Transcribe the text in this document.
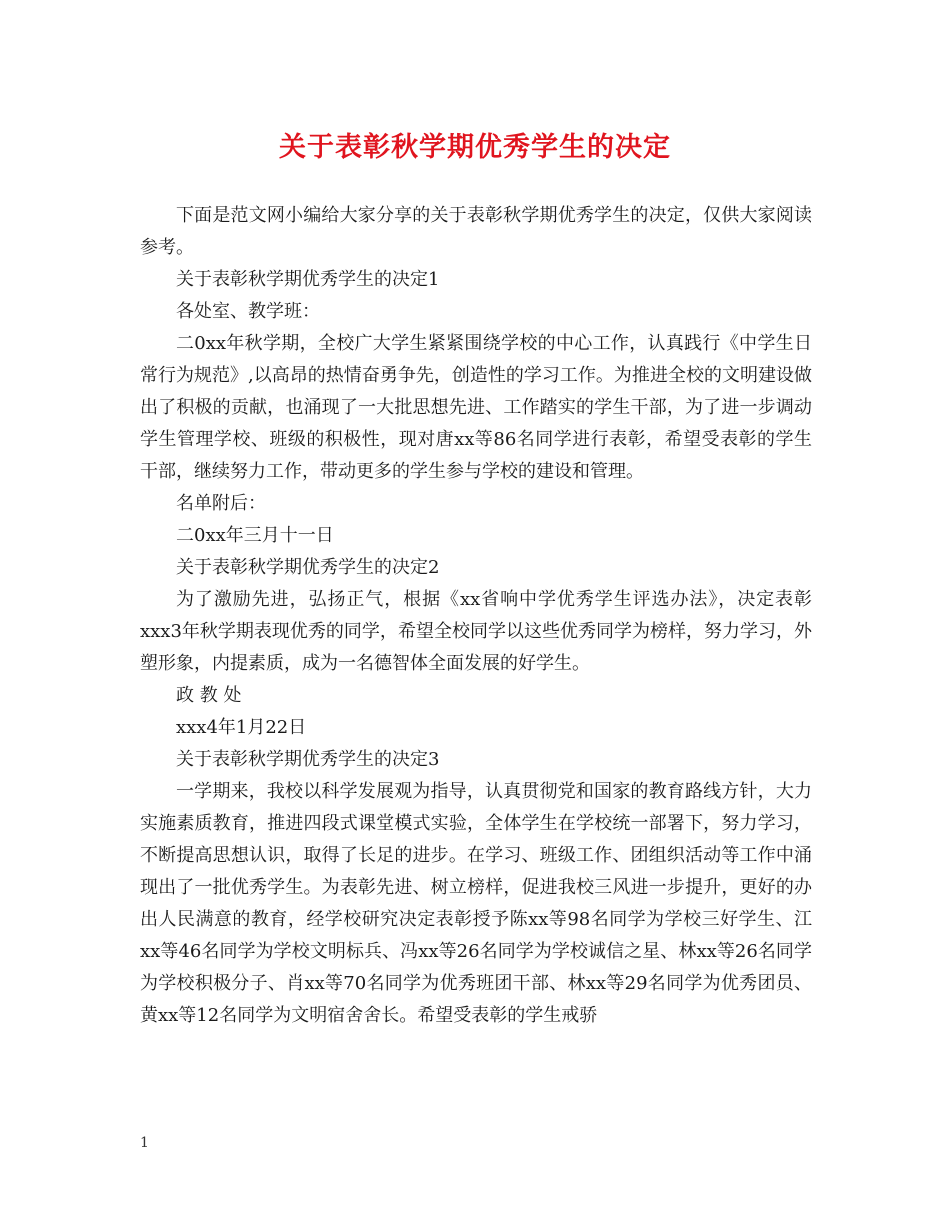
关于表彰秋学期优秀学生的决定

下面是范文网小编给大家分享的关于表彰秋学期优秀学生的决定，仅供大家阅读参考。

关于表彰秋学期优秀学生的决定1

各处室、教学班：

二0xx年秋学期，全校广大学生紧紧围绕学校的中心工作，认真践行《中学生日常行为规范》,以高昂的热情奋勇争先，创造性的学习工作。为推进全校的文明建设做出了积极的贡献，也涌现了一大批思想先进、工作踏实的学生干部，为了进一步调动学生管理学校、班级的积极性，现对唐xx等86名同学进行表彰，希望受表彰的学生干部，继续努力工作，带动更多的学生参与学校的建设和管理。

名单附后：

二0xx年三月十一日

关于表彰秋学期优秀学生的决定2

为了激励先进，弘扬正气，根据《xx省响中学优秀学生评选办法》，决定表彰xxx3年秋学期表现优秀的同学，希望全校同学以这些优秀同学为榜样，努力学习，外塑形象，内提素质，成为一名德智体全面发展的好学生。

政 教 处

xxx4年1月22日

关于表彰秋学期优秀学生的决定3

一学期来，我校以科学发展观为指导，认真贯彻党和国家的教育路线方针，大力实施素质教育，推进四段式课堂模式实验，全体学生在学校统一部署下，努力学习，不断提高思想认识，取得了长足的进步。在学习、班级工作、团组织活动等工作中涌现出了一批优秀学生。为表彰先进、树立榜样，促进我校三风进一步提升，更好的办出人民满意的教育，经学校研究决定表彰授予陈xx等98名同学为学校三好学生、江xx等46名同学为学校文明标兵、冯xx等26名同学为学校诚信之星、林xx等26名同学为学校积极分子、肖xx等70名同学为优秀班团干部、林xx等29名同学为优秀团员、黄xx等12名同学为文明宿舍舍长。希望受表彰的学生戒骄

1
